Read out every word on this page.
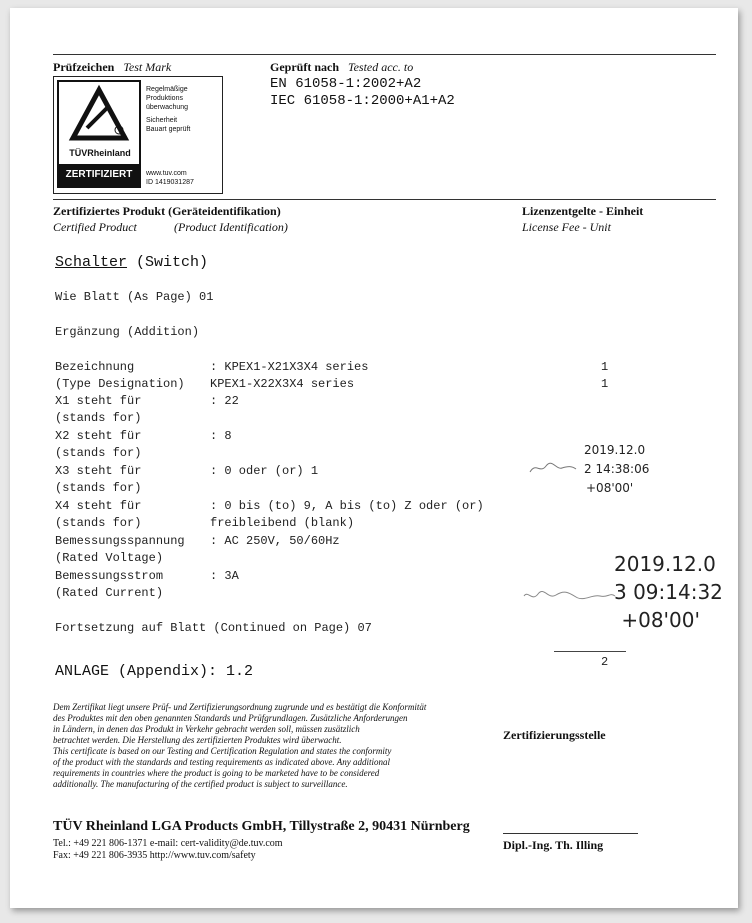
Prüfzeichen Test Mark
TÜVRheinland
ZERTIFIZIERT
Regelmäßige
Produktions
überwachung
Sicherheit
Bauart geprüft
www.tuv.com
ID 1419031287
Geprüft nach Tested acc. to
EN 61058-1:2002+A2
IEC 61058-1:2000+A1+A2
Zertifiziertes Produkt (Geräteidentifikation)
Certified Product	(Product Identification)
Lizenzentgelte - Einheit
License Fee - Unit
Schalter (Switch)
Wie Blatt (As Page) 01
Ergänzung (Addition)
Bezeichnung
(Type Designation)
: KPEX1-X21X3X4 series
KPEX1-X22X3X4 series
1
1
X1 steht für
(stands for)
: 22
X2 steht für
(stands for)
: 8
X3 steht für
(stands for)
: 0 oder (or) 1
X4 steht für
(stands for)
: 0 bis (to) 9, A bis (to) Z oder (or)
freibleibend (blank)
Bemessungsspannung
(Rated Voltage)
: AC 250V, 50/60Hz
Bemessungsstrom
(Rated Current)
: 3A
Fortsetzung auf Blatt (Continued on Page) 07
2019.12.0
2 14:38:06
+08'00'
2019.12.0
3 09:14:32
+08'00'
2
ANLAGE (Appendix): 1.2
Dem Zertifikat liegt unsere Prüf- und Zertifizierungsordnung zugrunde und es bestätigt die Konformität
des Produktes mit den oben genannten Standards und Prüfgrundlagen. Zusätzliche Anforderungen
in Ländern, in denen das Produkt in Verkehr gebracht werden soll, müssen zusätzlich
betrachtet werden. Die Herstellung des zertifizierten Produktes wird überwacht.
This certificate is based on our Testing and Certification Regulation and states the conformity
of the product with the standards and testing requirements as indicated above. Any additional
requirements in countries where the product is going to be marketed have to be considered
additionally. The manufacturing of the certified product is subject to surveillance.
Zertifizierungsstelle
TÜV Rheinland LGA Products GmbH, Tillystraße 2, 90431 Nürnberg
Tel.: +49 221 806-1371 e-mail: cert-validity@de.tuv.com
Fax: +49 221 806-3935 http://www.tuv.com/safety
Dipl.-Ing. Th. Illing
